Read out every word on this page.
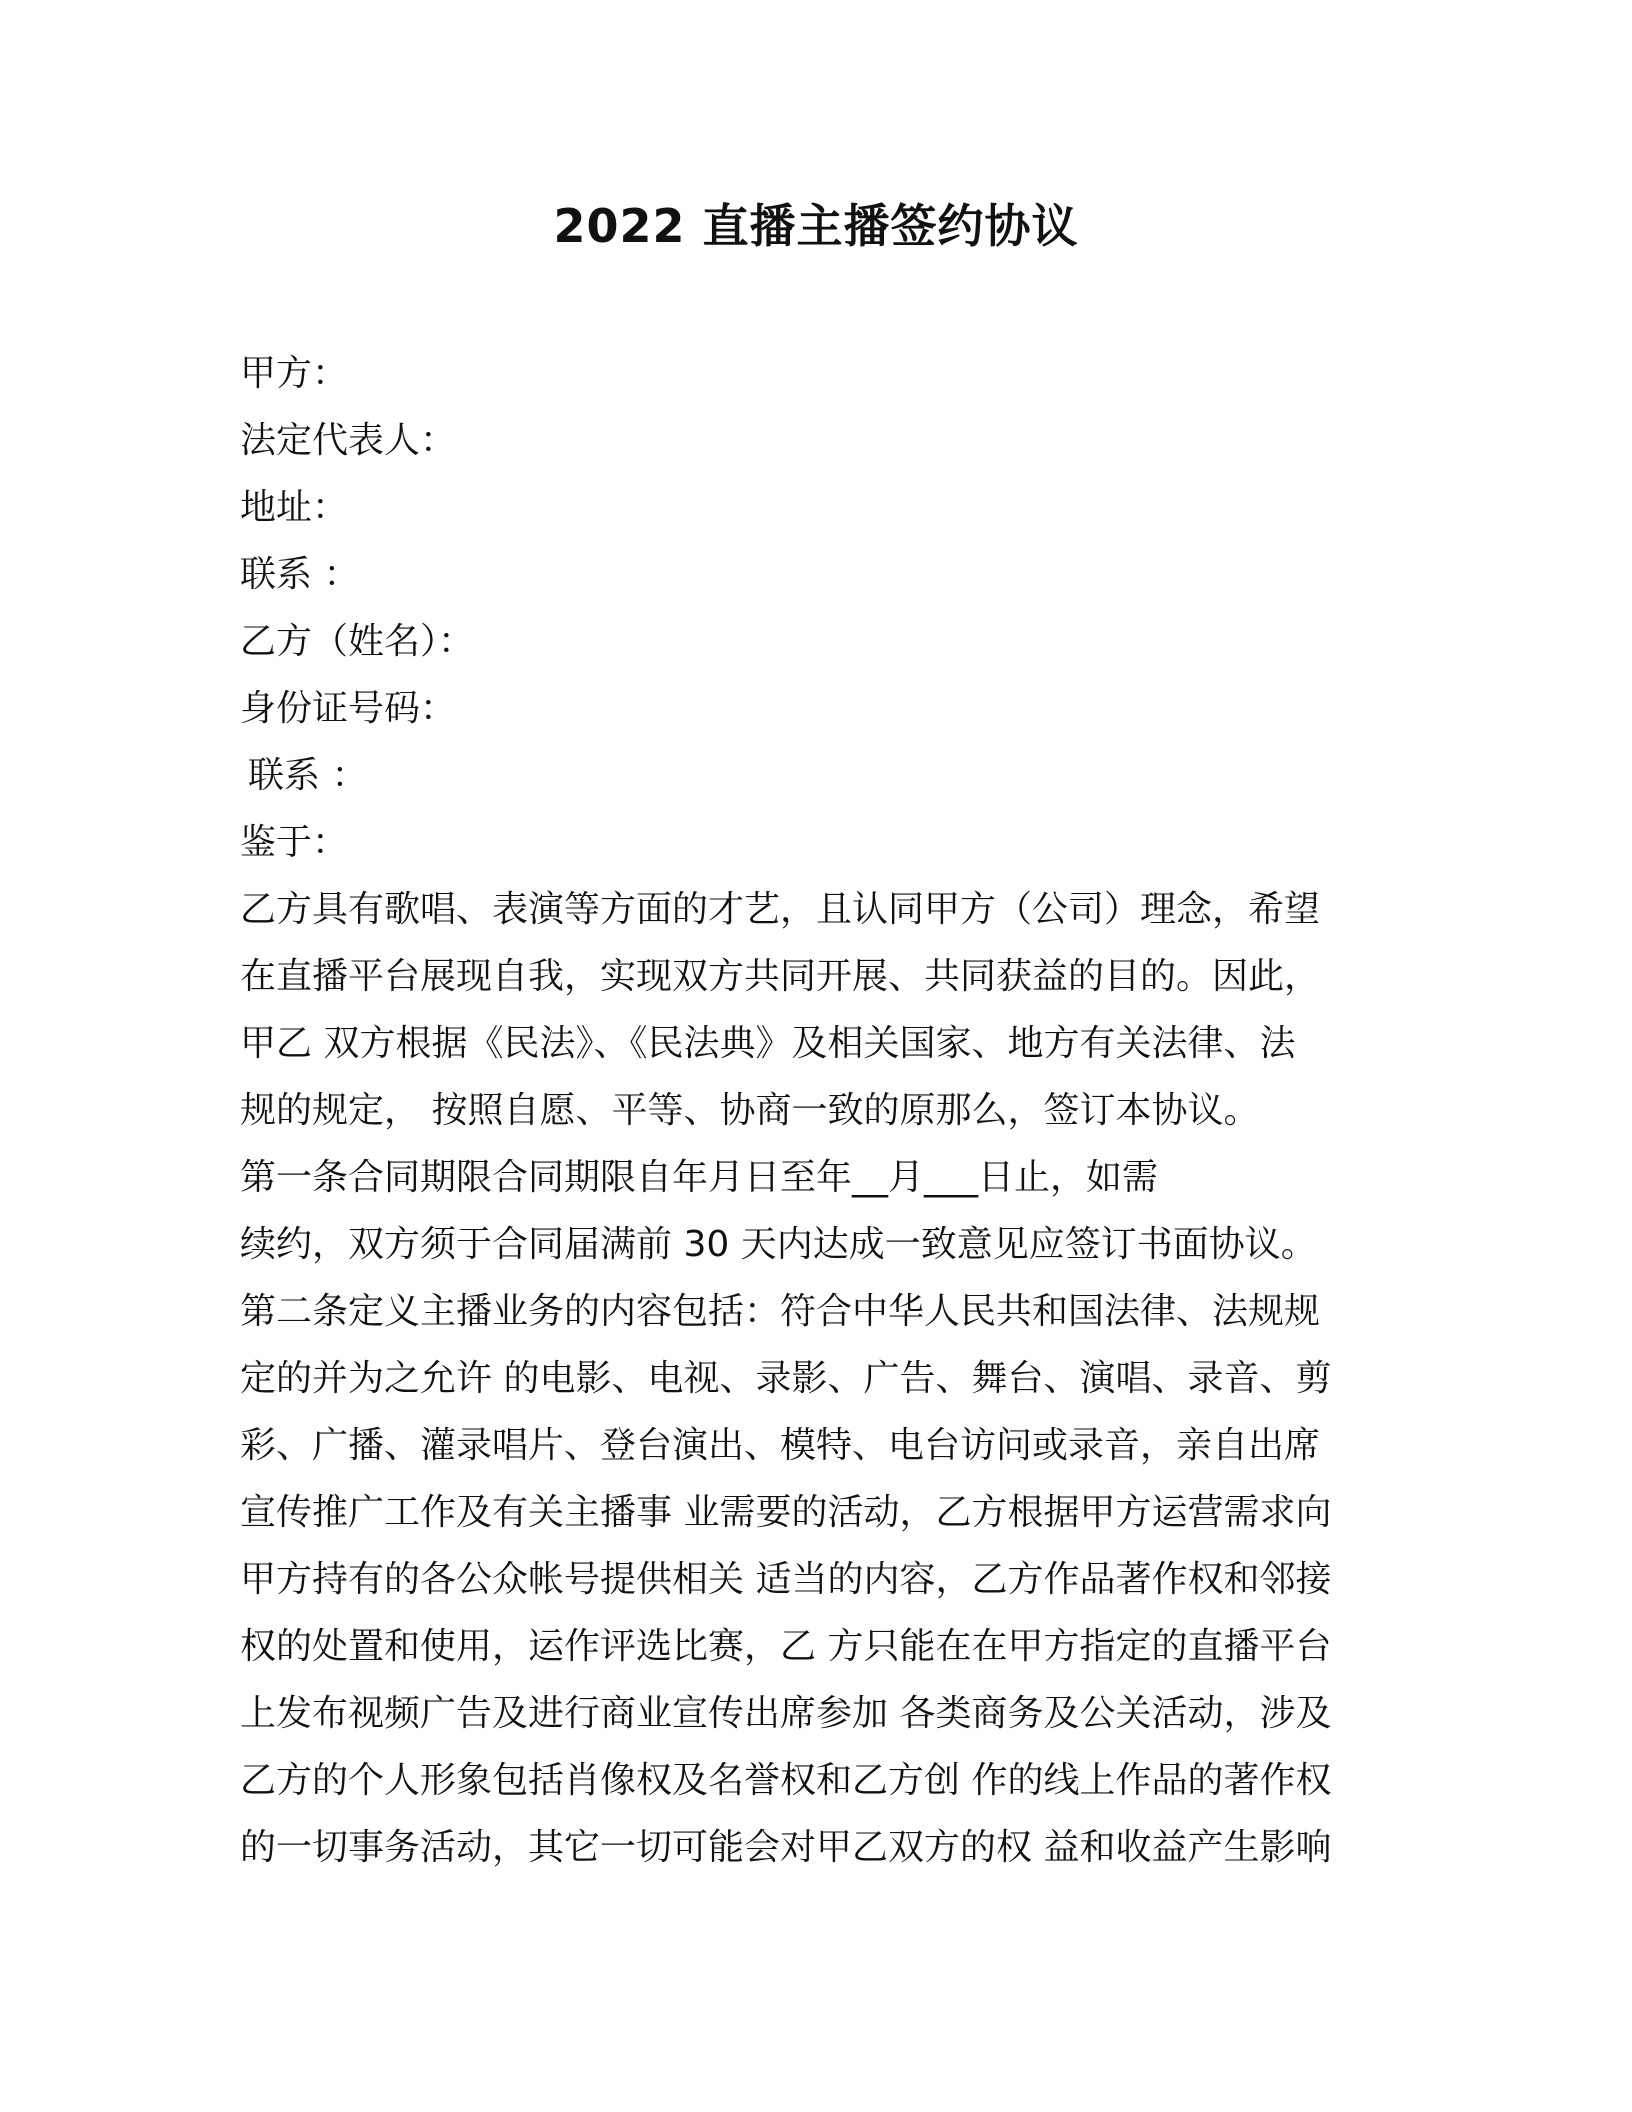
2022 直播主播签约协议
甲方：
法定代表人：
地址：
联系 ：
乙方（姓名）：
身份证号码：
联系 ：
鉴于：
乙方具有歌唱、表演等方面的才艺，且认同甲方（公司）理念，希望
在直播平台展现自我，实现双方共同开展、共同获益的目的。因此，
甲乙 双方根据《民法》、《民法典》及相关国家、地方有关法律、法
规的规定， 按照自愿、平等、协商一致的原那么，签订本协议。
第一条合同期限合同期限自年月日至年__月___日止，如需
续约，双方须于合同届满前 30 天内达成一致意见应签订书面协议。
第二条定义主播业务的内容包括：符合中华人民共和国法律、法规规
定的并为之允许 的电影、电视、录影、广告、舞台、演唱、录音、剪
彩、广播、灌录唱片、登台演出、模特、电台访问或录音，亲自出席
宣传推广工作及有关主播事 业需要的活动，乙方根据甲方运营需求向
甲方持有的各公众帐号提供相关 适当的内容，乙方作品著作权和邻接
权的处置和使用，运作评选比赛，乙 方只能在在甲方指定的直播平台
上发布视频广告及进行商业宣传出席参加 各类商务及公关活动，涉及
乙方的个人形象包括肖像权及名誉权和乙方创 作的线上作品的著作权
的一切事务活动，其它一切可能会对甲乙双方的权 益和收益产生影响
